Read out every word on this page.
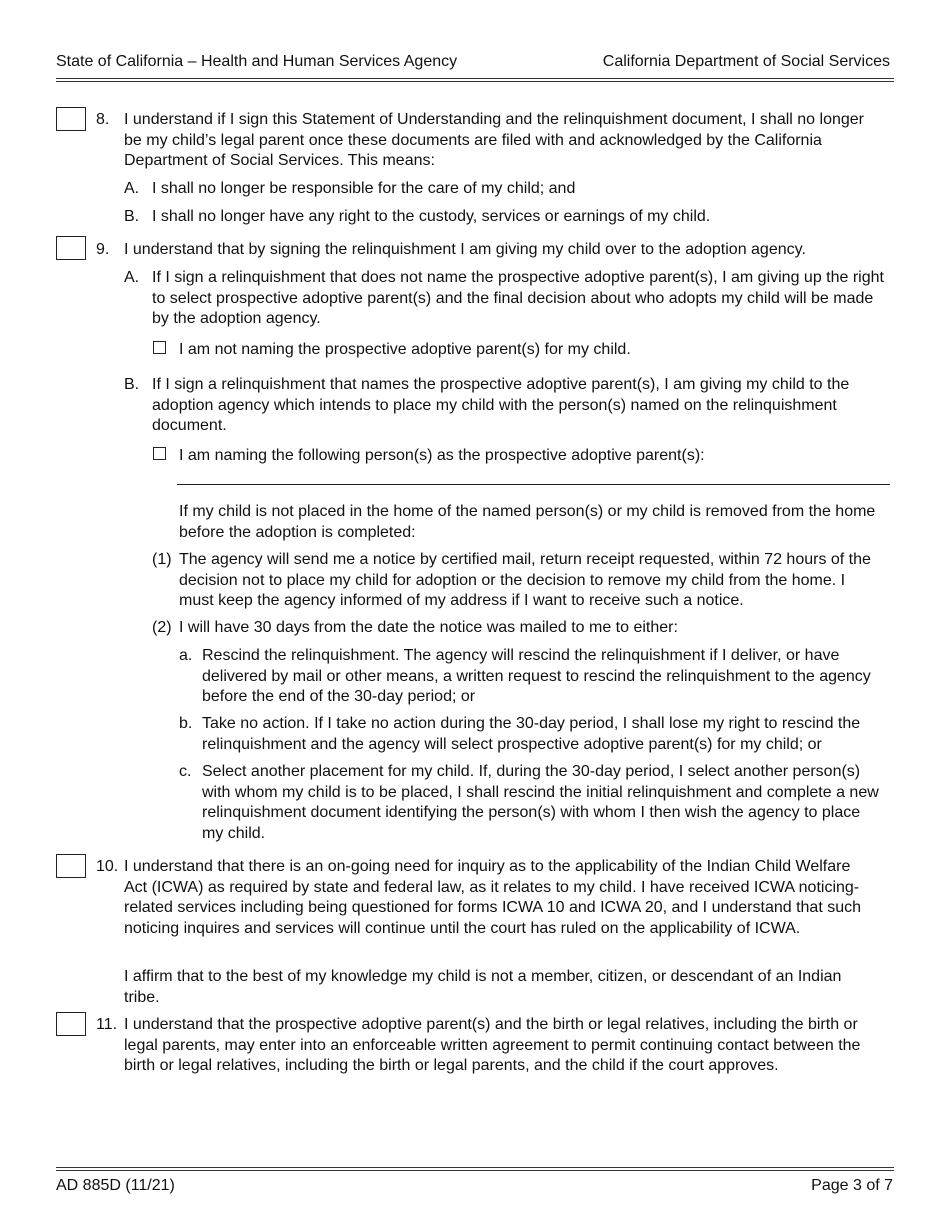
State of California – Health and Human Services Agency	California Department of Social Services
8. I understand if I sign this Statement of Understanding and the relinquishment document, I shall no longer be my child’s legal parent once these documents are filed with and acknowledged by the California Department of Social Services. This means:
A. I shall no longer be responsible for the care of my child; and
B. I shall no longer have any right to the custody, services or earnings of my child.
9. I understand that by signing the relinquishment I am giving my child over to the adoption agency.
A. If I sign a relinquishment that does not name the prospective adoptive parent(s), I am giving up the right to select prospective adoptive parent(s) and the final decision about who adopts my child will be made by the adoption agency.
I am not naming the prospective adoptive parent(s) for my child.
B. If I sign a relinquishment that names the prospective adoptive parent(s), I am giving my child to the adoption agency which intends to place my child with the person(s) named on the relinquishment document.
I am naming the following person(s) as the prospective adoptive parent(s):
If my child is not placed in the home of the named person(s) or my child is removed from the home before the adoption is completed:
(1) The agency will send me a notice by certified mail, return receipt requested, within 72 hours of the decision not to place my child for adoption or the decision to remove my child from the home. I must keep the agency informed of my address if I want to receive such a notice.
(2) I will have 30 days from the date the notice was mailed to me to either:
a. Rescind the relinquishment. The agency will rescind the relinquishment if I deliver, or have delivered by mail or other means, a written request to rescind the relinquishment to the agency before the end of the 30-day period; or
b. Take no action. If I take no action during the 30-day period, I shall lose my right to rescind the relinquishment and the agency will select prospective adoptive parent(s) for my child; or
c. Select another placement for my child. If, during the 30-day period, I select another person(s) with whom my child is to be placed, I shall rescind the initial relinquishment and complete a new relinquishment document identifying the person(s) with whom I then wish the agency to place my child.
10. I understand that there is an on-going need for inquiry as to the applicability of the Indian Child Welfare Act (ICWA) as required by state and federal law, as it relates to my child. I have received ICWA noticing-related services including being questioned for forms ICWA 10 and ICWA 20, and I understand that such noticing inquires and services will continue until the court has ruled on the applicability of ICWA.
I affirm that to the best of my knowledge my child is not a member, citizen, or descendant of an Indian tribe.
11. I understand that the prospective adoptive parent(s) and the birth or legal relatives, including the birth or legal parents, may enter into an enforceable written agreement to permit continuing contact between the birth or legal relatives, including the birth or legal parents, and the child if the court approves.
AD 885D (11/21)	Page 3 of 7
